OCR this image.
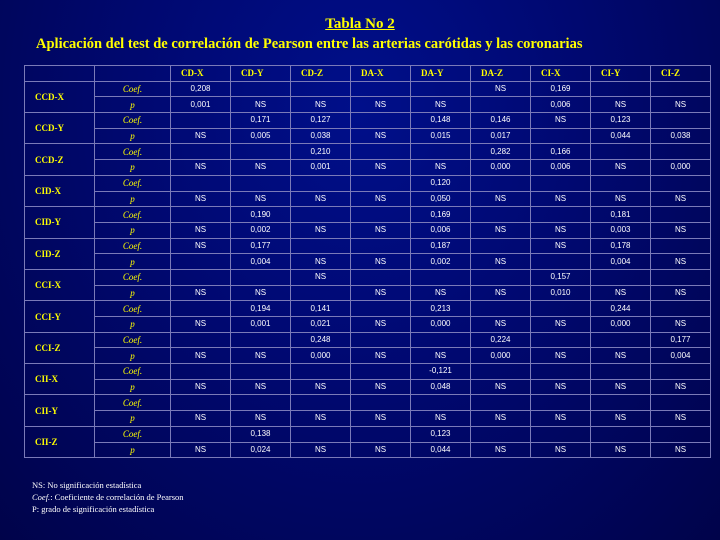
Tabla No 2
Aplicación del test de correlación de Pearson entre las arterias carótidas y las coronarias
		CD-X	CD-Y	CD-Z	DA-X	DA-Y	DA-Z	CI-X	CI-Y	CI-Z
CCD-X	Coef.	0,208					NS	0,169		
	p	0,001	NS	NS	NS	NS		0,006	NS	NS
CCD-Y	Coef.		0,171	0,127		0,148	0,146	NS	0,123	
	p	NS	0,005	0,038	NS	0,015	0,017		0,044	0,038
CCD-Z	Coef.			0,210			0,282	0,166		
	p	NS	NS	0,001	NS	NS	0,000	0,006	NS	0,000
CID-X	Coef.					0,120				
	p	NS	NS	NS	NS	0,050	NS	NS	NS	NS
CID-Y	Coef.		0,190			0,169			0,181	
	p	NS	0,002	NS	NS	0,006	NS	NS	0,003	NS
CID-Z	Coef.	NS	0,177			0,187		NS	0,178	
	p		0,004	NS	NS	0,002	NS		0,004	NS
CCI-X	Coef.			NS				0,157		
	p	NS	NS		NS	NS	NS	0,010	NS	NS
CCI-Y	Coef.		0,194	0,141		0,213			0,244	
	p	NS	0,001	0,021	NS	0,000	NS	NS	0,000	NS
CCI-Z	Coef.			0,248			0,224			0,177
	p	NS	NS	0,000	NS	NS	0,000	NS	NS	0,004
CII-X	Coef.					-0,121				
	p	NS	NS	NS	NS	0,048	NS	NS	NS	NS
CII-Y	Coef.									
	p	NS	NS	NS	NS	NS	NS	NS	NS	NS
CII-Z	Coef.		0,138			0,123				
	p	NS	0,024	NS	NS	0,044	NS	NS	NS	NS
NS: No significación estadística
Coef.: Coeficiente de correlación de Pearson
P: grado de significación estadística
